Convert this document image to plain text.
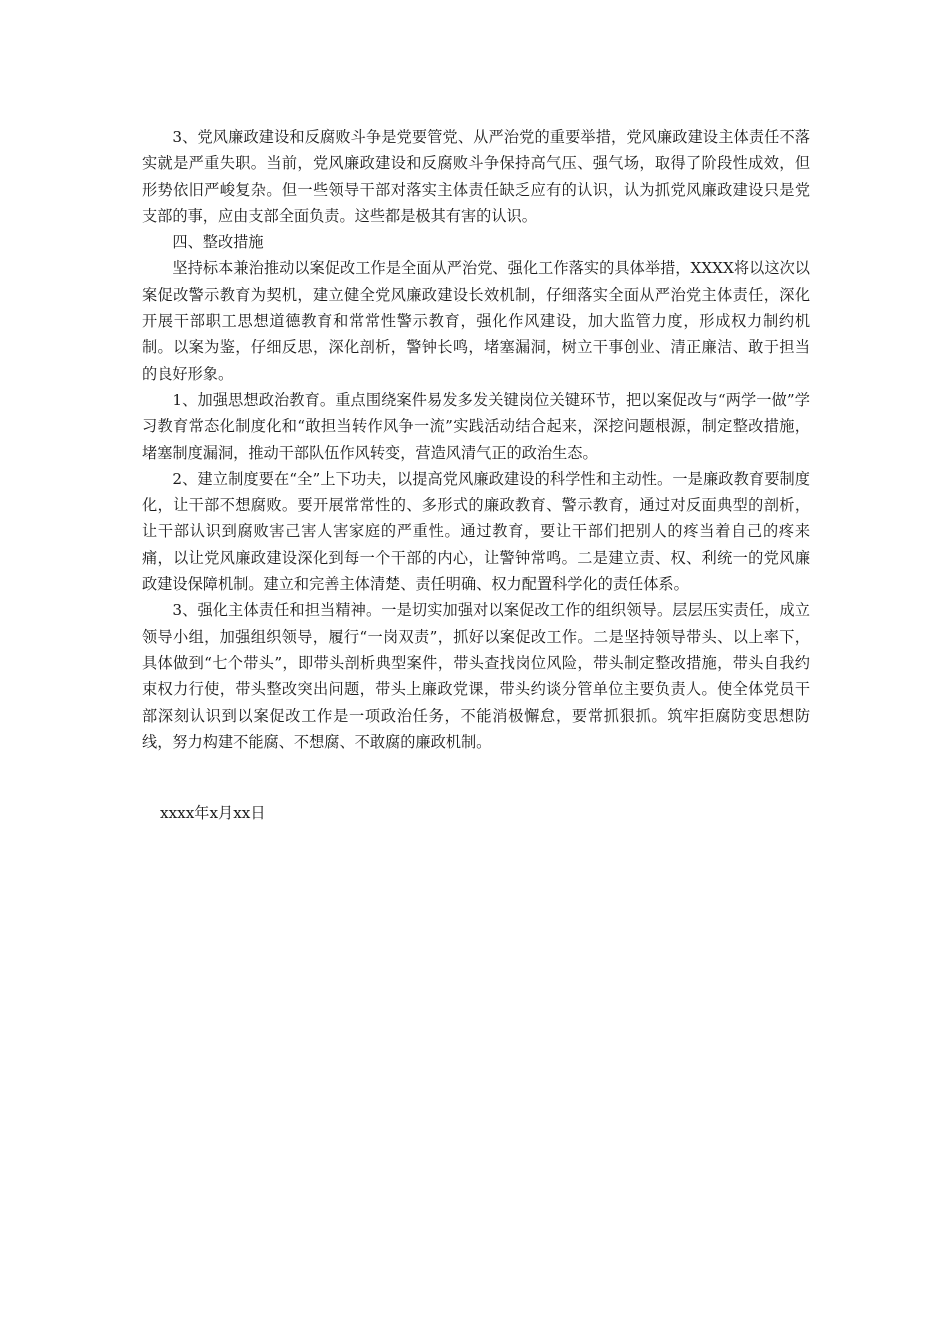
3、党风廉政建设和反腐败斗争是党要管党、从严治党的重要举措，党风廉政建设主体责任不落实就是严重失职。当前，党风廉政建设和反腐败斗争保持高气压、强气场，取得了阶段性成效，但形势依旧严峻复杂。但一些领导干部对落实主体责任缺乏应有的认识，认为抓党风廉政建设只是党支部的事，应由支部全面负责。这些都是极其有害的认识。

四、整改措施

坚持标本兼治推动以案促改工作是全面从严治党、强化工作落实的具体举措，XXXX将以这次以案促改警示教育为契机，建立健全党风廉政建设长效机制，仔细落实全面从严治党主体责任，深化开展干部职工思想道德教育和常常性警示教育，强化作风建设，加大监管力度，形成权力制约机制。以案为鉴，仔细反思，深化剖析，警钟长鸣，堵塞漏洞，树立干事创业、清正廉洁、敢于担当的良好形象。

1、加强思想政治教育。重点围绕案件易发多发关键岗位关键环节，把以案促改与“两学一做”学习教育常态化制度化和“敢担当转作风争一流”实践活动结合起来，深挖问题根源，制定整改措施，堵塞制度漏洞，推动干部队伍作风转变，营造风清气正的政治生态。

2、建立制度要在“全”上下功夫，以提高党风廉政建设的科学性和主动性。一是廉政教育要制度化，让干部不想腐败。要开展常常性的、多形式的廉政教育、警示教育，通过对反面典型的剖析，让干部认识到腐败害己害人害家庭的严重性。通过教育，要让干部们把别人的疼当着自己的疼来痛，以让党风廉政建设深化到每一个干部的内心，让警钟常鸣。二是建立责、权、利统一的党风廉政建设保障机制。建立和完善主体清楚、责任明确、权力配置科学化的责任体系。

3、强化主体责任和担当精神。一是切实加强对以案促改工作的组织领导。层层压实责任，成立领导小组，加强组织领导，履行“一岗双责”，抓好以案促改工作。二是坚持领导带头、以上率下，具体做到“七个带头”，即带头剖析典型案件，带头查找岗位风险，带头制定整改措施，带头自我约束权力行使，带头整改突出问题，带头上廉政党课，带头约谈分管单位主要负责人。使全体党员干部深刻认识到以案促改工作是一项政治任务，不能消极懈怠，要常抓狠抓。筑牢拒腐防变思想防线，努力构建不能腐、不想腐、不敢腐的廉政机制。

xxxx年x月xx日
